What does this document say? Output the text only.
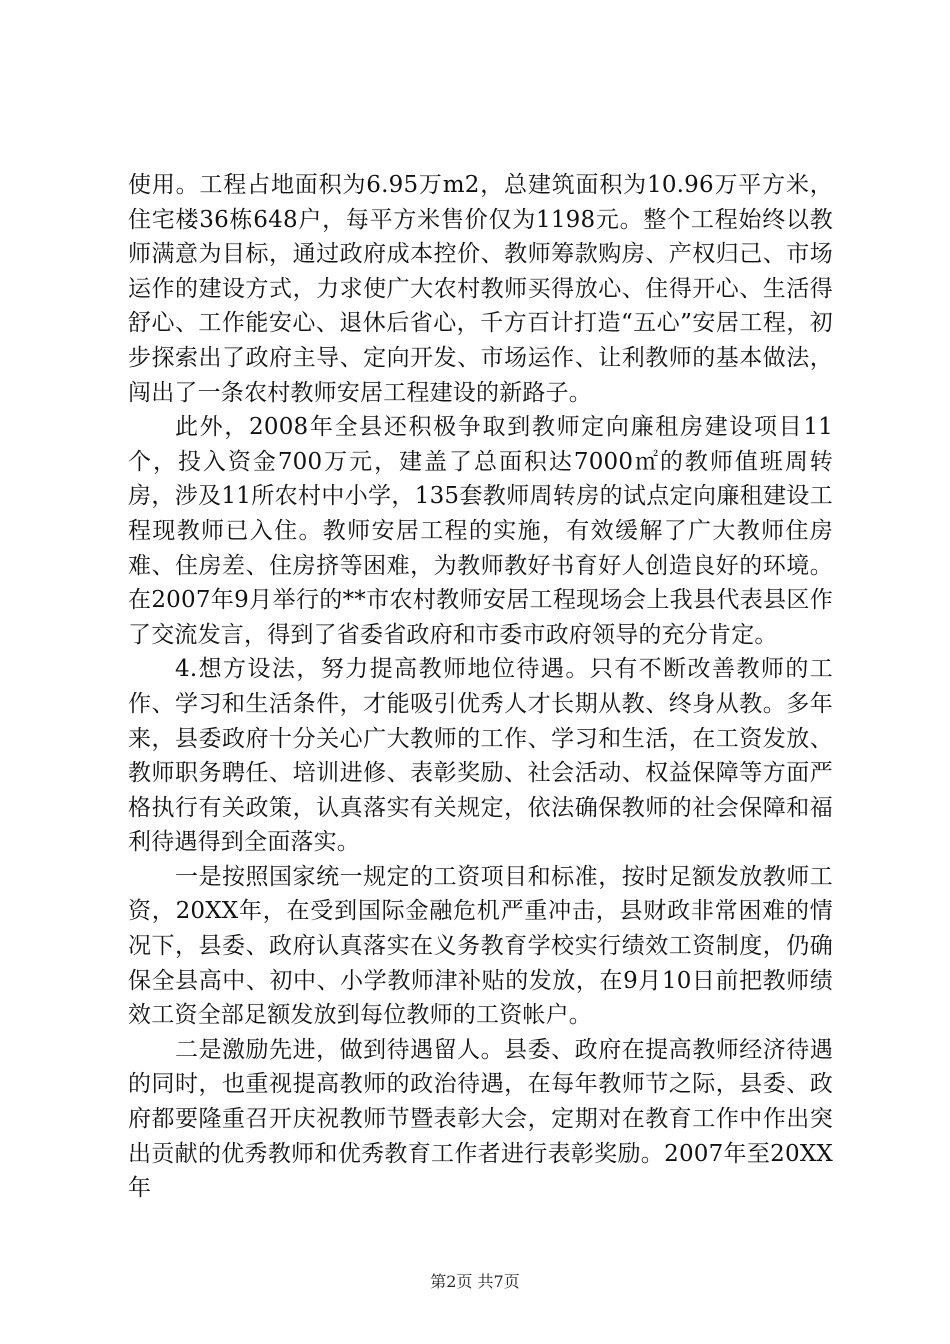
使用。工程占地面积为6.95万m2，总建筑面积为10.96万平方米，住宅楼36栋648户，每平方米售价仅为1198元。整个工程始终以教师满意为目标，通过政府成本控价、教师筹款购房、产权归己、市场运作的建设方式，力求使广大农村教师买得放心、住得开心、生活得舒心、工作能安心、退休后省心，千方百计打造“五心”安居工程，初步探索出了政府主导、定向开发、市场运作、让利教师的基本做法，闯出了一条农村教师安居工程建设的新路子。

此外，2008年全县还积极争取到教师定向廉租房建设项目11个，投入资金700万元，建盖了总面积达7000㎡的教师值班周转房，涉及11所农村中小学，135套教师周转房的试点定向廉租建设工程现教师已入住。教师安居工程的实施，有效缓解了广大教师住房难、住房差、住房挤等困难，为教师教好书育好人创造良好的环境。在2007年9月举行的**市农村教师安居工程现场会上我县代表县区作了交流发言，得到了省委省政府和市委市政府领导的充分肯定。

4.想方设法，努力提高教师地位待遇。只有不断改善教师的工作、学习和生活条件，才能吸引优秀人才长期从教、终身从教。多年来，县委政府十分关心广大教师的工作、学习和生活，在工资发放、教师职务聘任、培训进修、表彰奖励、社会活动、权益保障等方面严格执行有关政策，认真落实有关规定，依法确保教师的社会保障和福利待遇得到全面落实。

一是按照国家统一规定的工资项目和标准，按时足额发放教师工资，20XX年，在受到国际金融危机严重冲击，县财政非常困难的情况下，县委、政府认真落实在义务教育学校实行绩效工资制度，仍确保全县高中、初中、小学教师津补贴的发放，在9月10日前把教师绩效工资全部足额发放到每位教师的工资帐户。

二是激励先进，做到待遇留人。县委、政府在提高教师经济待遇的同时，也重视提高教师的政治待遇，在每年教师节之际，县委、政府都要隆重召开庆祝教师节暨表彰大会，定期对在教育工作中作出突出贡献的优秀教师和优秀教育工作者进行表彰奖励。2007年至20XX年

第2页 共7页
